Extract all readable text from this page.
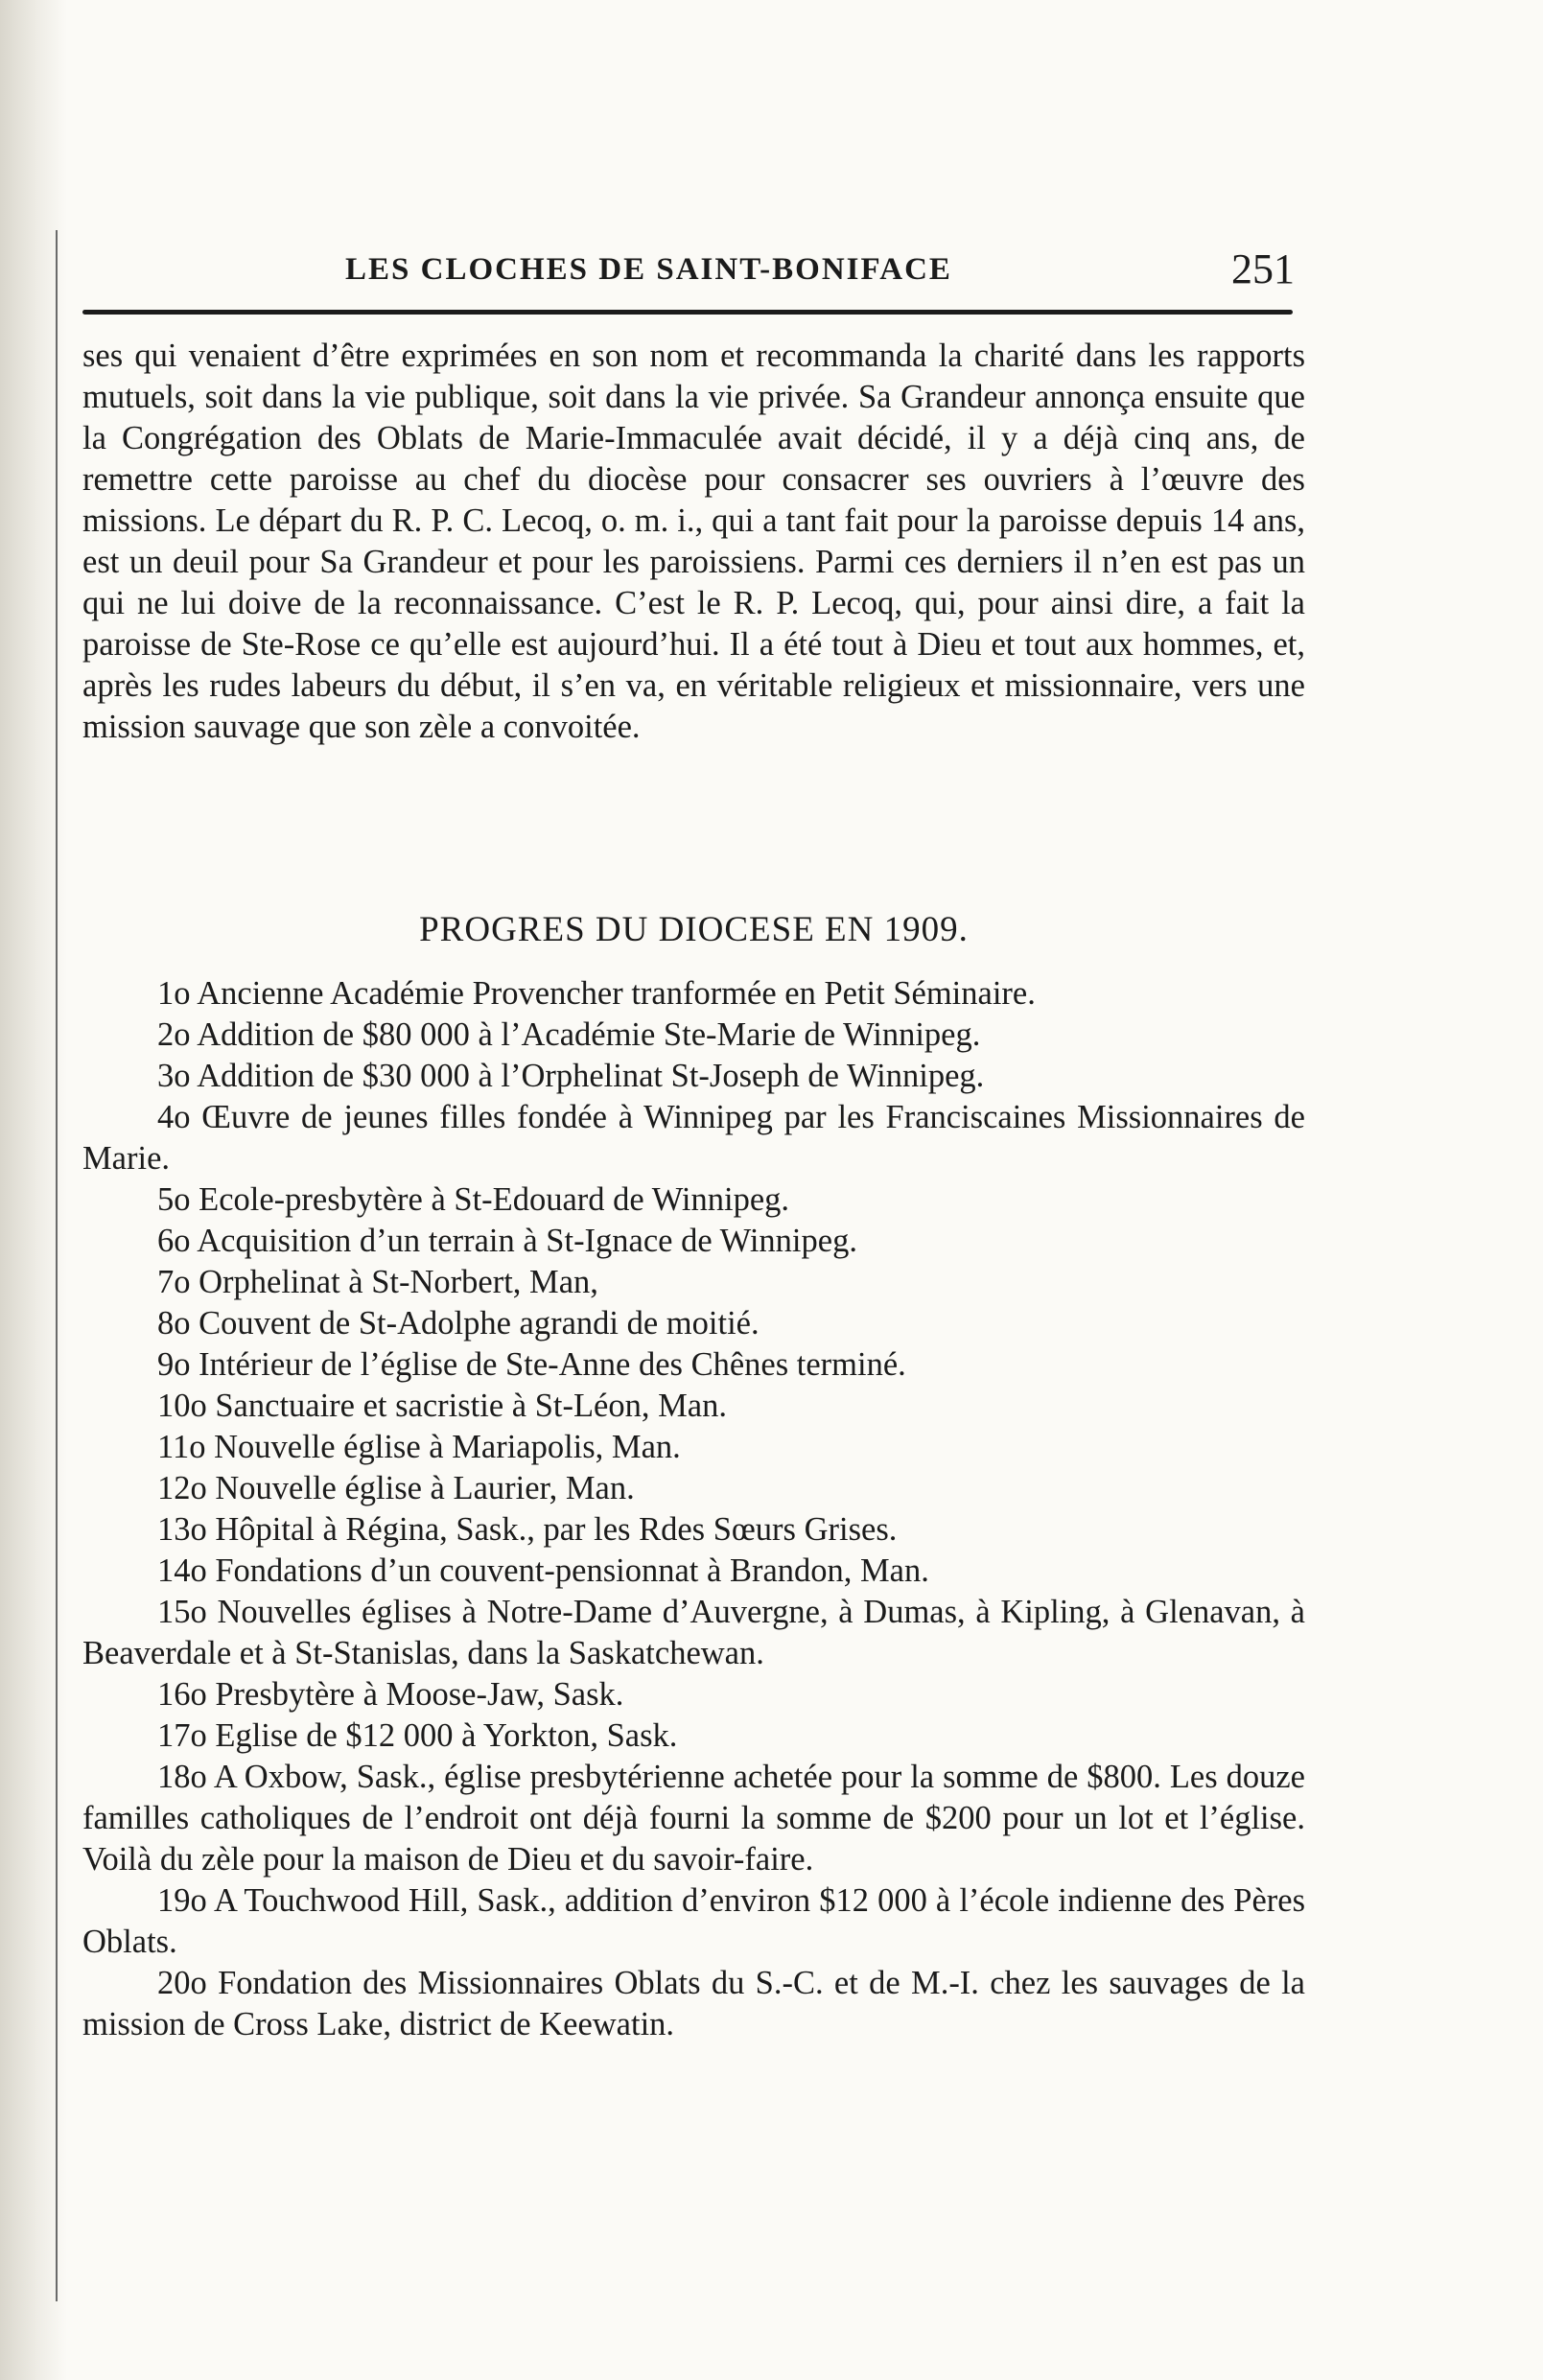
LES CLOCHES DE SAINT-BONIFACE	251

ses qui venaient d’être exprimées en son nom et recommanda la charité dans les rapports mutuels, soit dans la vie publique, soit dans la vie privée. Sa Grandeur annonça ensuite que la Congrégation des Oblats de Marie-Immaculée avait décidé, il y a déjà cinq ans, de remettre cette paroisse au chef du diocèse pour consacrer ses ouvriers à l’œuvre des missions. Le départ du R. P. C. Lecoq, o. m. i., qui a tant fait pour la paroisse depuis 14 ans, est un deuil pour Sa Grandeur et pour les paroissiens. Parmi ces derniers il n’en est pas un qui ne lui doive de la reconnaissance. C’est le R. P. Lecoq, qui, pour ainsi dire, a fait la paroisse de Ste-Rose ce qu’elle est aujourd’hui. Il a été tout à Dieu et tout aux hommes, et, après les rudes labeurs du début, il s’en va, en véritable religieux et missionnaire, vers une mission sauvage que son zèle a convoitée.

PROGRES DU DIOCESE EN 1909.
1o Ancienne Académie Provencher tranformée en Petit Séminaire.
2o Addition de $80 000 à l’Académie Ste-Marie de Winnipeg.
3o Addition de $30 000 à l’Orphelinat St-Joseph de Winnipeg.
4o Œuvre de jeunes filles fondée à Winnipeg par les Franciscaines Missionnaires de Marie.
5o Ecole-presbytère à St-Edouard de Winnipeg.
6o Acquisition d’un terrain à St-Ignace de Winnipeg.
7o Orphelinat à St-Norbert, Man,
8o Couvent de St-Adolphe agrandi de moitié.
9o Intérieur de l’église de Ste-Anne des Chênes terminé.
10o Sanctuaire et sacristie à St-Léon, Man.
11o Nouvelle église à Mariapolis, Man.
12o Nouvelle église à Laurier, Man.
13o Hôpital à Régina, Sask., par les Rdes Sœurs Grises.
14o Fondations d’un couvent-pensionnat à Brandon, Man.
15o Nouvelles églises à Notre-Dame d’Auvergne, à Dumas, à Kipling, à Glenavan, à Beaverdale et à St-Stanislas, dans la Saskatchewan.
16o Presbytère à Moose-Jaw, Sask.
17o Eglise de $12 000 à Yorkton, Sask.
18o A Oxbow, Sask., église presbytérienne achetée pour la somme de $800. Les douze familles catholiques de l’endroit ont déjà fourni la somme de $200 pour un lot et l’église. Voilà du zèle pour la maison de Dieu et du savoir-faire.
19o A Touchwood Hill, Sask., addition d’environ $12 000 à l’école indienne des Pères Oblats.
20o Fondation des Missionnaires Oblats du S.-C. et de M.-I. chez les sauvages de la mission de Cross Lake, district de Keewatin.
